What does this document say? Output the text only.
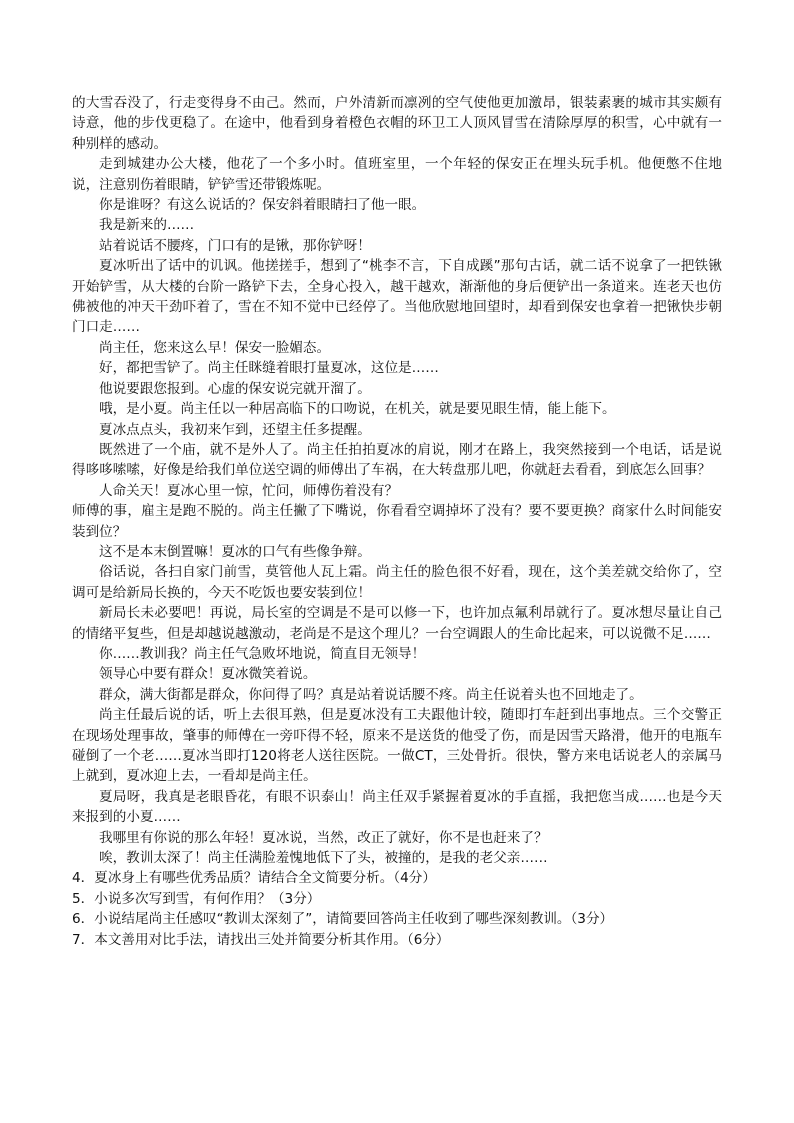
的大雪吞没了，行走变得身不由己。然而，户外清新而凛冽的空气使他更加激昂，银装素裹的城市其实颇有诗意，他的步伐更稳了。在途中，他看到身着橙色衣帽的环卫工人顶风冒雪在清除厚厚的积雪，心中就有一种别样的感动。

走到城建办公大楼，他花了一个多小时。值班室里，一个年轻的保安正在埋头玩手机。他便憋不住地说，注意别伤着眼睛，铲铲雪还带锻炼呢。

你是谁呀？有这么说话的？保安斜着眼睛扫了他一眼。

我是新来的……

站着说话不腰疼，门口有的是锹，那你铲呀！

夏冰听出了话中的讥讽。他搓搓手，想到了“桃李不言，下自成蹊”那句古话，就二话不说拿了一把铁锹开始铲雪，从大楼的台阶一路铲下去，全身心投入，越干越欢，渐渐他的身后便铲出一条道来。连老天也仿佛被他的冲天干劲吓着了，雪在不知不觉中已经停了。当他欣慰地回望时，却看到保安也拿着一把锹快步朝门口走……

尚主任，您来这么早！保安一脸媚态。

好，都把雪铲了。尚主任眯缝着眼打量夏冰，这位是……

他说要跟您报到。心虚的保安说完就开溜了。

哦，是小夏。尚主任以一种居高临下的口吻说，在机关，就是要见眼生情，能上能下。

夏冰点点头，我初来乍到，还望主任多提醒。

既然进了一个庙，就不是外人了。尚主任拍拍夏冰的肩说，刚才在路上，我突然接到一个电话，话是说得哆哆嗦嗦，好像是给我们单位送空调的师傅出了车祸，在大转盘那儿吧，你就赶去看看，到底怎么回事？

人命关天！夏冰心里一惊，忙问，师傅伤着没有？

师傅的事，雇主是跑不脱的。尚主任撇了下嘴说，你看看空调掉坏了没有？要不要更换？商家什么时间能安装到位？

这不是本末倒置嘛！夏冰的口气有些像争辩。

俗话说，各扫自家门前雪，莫管他人瓦上霜。尚主任的脸色很不好看，现在，这个美差就交给你了，空调可是给新局长换的，今天不吃饭也要安装到位！

新局长未必要吧！再说，局长室的空调是不是可以修一下，也许加点氟利昂就行了。夏冰想尽量让自己的情绪平复些，但是却越说越激动，老尚是不是这个理儿？一台空调跟人的生命比起来，可以说微不足……

你……教训我？尚主任气急败坏地说，简直目无领导！

领导心中要有群众！夏冰微笑着说。

群众，满大街都是群众，你问得了吗？真是站着说话腰不疼。尚主任说着头也不回地走了。

尚主任最后说的话，听上去很耳熟，但是夏冰没有工夫跟他计较，随即打车赶到出事地点。三个交警正在现场处理事故，肇事的师傅在一旁吓得不轻，原来不是送货的他受了伤，而是因雪天路滑，他开的电瓶车碰倒了一个老……夏冰当即打120将老人送往医院。一做CT，三处骨折。很快，警方来电话说老人的亲属马上就到，夏冰迎上去，一看却是尚主任。

夏局呀，我真是老眼昏花，有眼不识泰山！尚主任双手紧握着夏冰的手直摇，我把您当成……也是今天来报到的小夏……

我哪里有你说的那么年轻！夏冰说，当然，改正了就好，你不是也赶来了？

唉，教训太深了！尚主任满脸羞愧地低下了头，被撞的，是我的老父亲……

4．夏冰身上有哪些优秀品质？请结合全文简要分析。（4分）

5．小说多次写到雪，有何作用？（3分）

6．小说结尾尚主任感叹“教训太深刻了”，请简要回答尚主任收到了哪些深刻教训。（3分）

7．本文善用对比手法，请找出三处并简要分析其作用。（6分）
